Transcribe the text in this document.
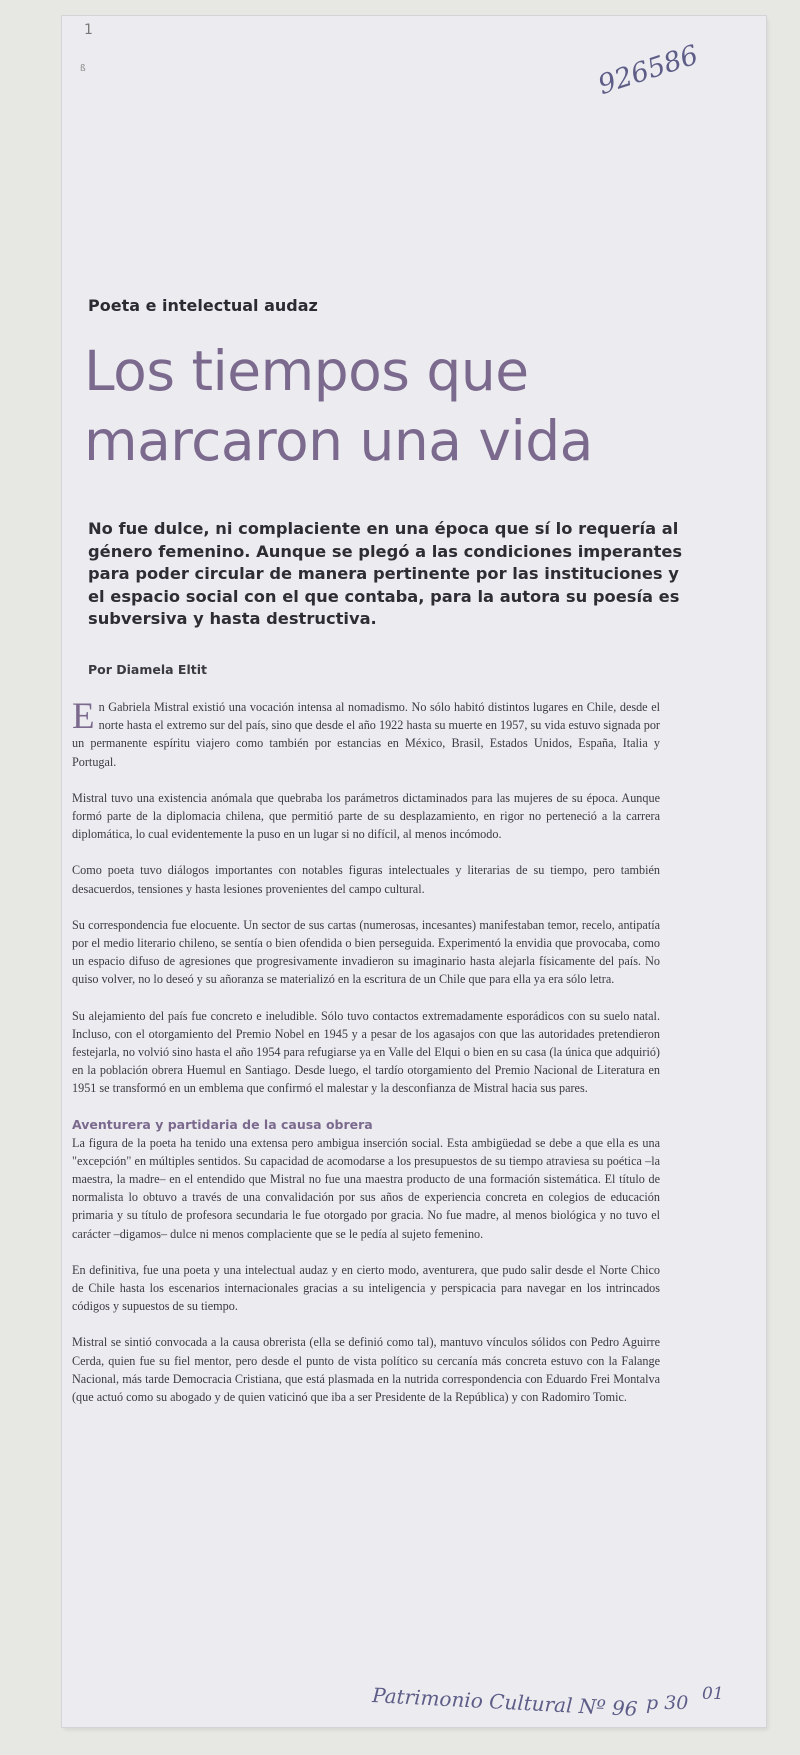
1
ß	926586
Poeta e intelectual audaz
Los tiempos que marcaron una vida

No fue dulce, ni complaciente en una época que sí lo requería al género femenino. Aunque se plegó a las condiciones imperantes para poder circular de manera pertinente por las instituciones y el espacio social con el que contaba, para la autora su poesía es subversiva y hasta destructiva.

Por Diamela Eltit

En Gabriela Mistral existió una vocación intensa al nomadismo. No sólo habitó distintos lugares en Chile, desde el norte hasta el extremo sur del país, sino que desde el año 1922 hasta su muerte en 1957, su vida estuvo signada por un permanente espíritu viajero como también por estancias en México, Brasil, Estados Unidos, España, Italia y Portugal.

Mistral tuvo una existencia anómala que quebraba los parámetros dictaminados para las mujeres de su época. Aunque formó parte de la diplomacia chilena, que permitió parte de su desplazamiento, en rigor no perteneció a la carrera diplomática, lo cual evidentemente la puso en un lugar si no difícil, al menos incómodo.

Como poeta tuvo diálogos importantes con notables figuras intelectuales y literarias de su tiempo, pero también desacuerdos, tensiones y hasta lesiones provenientes del campo cultural.

Su correspondencia fue elocuente. Un sector de sus cartas (numerosas, incesantes) manifestaban temor, recelo, antipatía por el medio literario chileno, se sentía o bien ofendida o bien perseguida. Experimentó la envidia que provocaba, como un espacio difuso de agresiones que progresivamente invadieron su imaginario hasta alejarla físicamente del país. No quiso volver, no lo deseó y su añoranza se materializó en la escritura de un Chile que para ella ya era sólo letra.

Su alejamiento del país fue concreto e ineludible. Sólo tuvo contactos extremadamente esporádicos con su suelo natal. Incluso, con el otorgamiento del Premio Nobel en 1945 y a pesar de los agasajos con que las autoridades pretendieron festejarla, no volvió sino hasta el año 1954 para refugiarse ya en Valle del Elqui o bien en su casa (la única que adquirió) en la población obrera Huemul en Santiago. Desde luego, el tardío otorgamiento del Premio Nacional de Literatura en 1951 se transformó en un emblema que confirmó el malestar y la desconfianza de Mistral hacia sus pares.

Aventurera y partidaria de la causa obrera

La figura de la poeta ha tenido una extensa pero ambigua inserción social. Esta ambigüedad se debe a que ella es una "excepción" en múltiples sentidos. Su capacidad de acomodarse a los presupuestos de su tiempo atraviesa su poética –la maestra, la madre– en el entendido que Mistral no fue una maestra producto de una formación sistemática. El título de normalista lo obtuvo a través de una convalidación por sus años de experiencia concreta en colegios de educación primaria y su título de profesora secundaria le fue otorgado por gracia. No fue madre, al menos biológica y no tuvo el carácter –digamos– dulce ni menos complaciente que se le pedía al sujeto femenino.

En definitiva, fue una poeta y una intelectual audaz y en cierto modo, aventurera, que pudo salir desde el Norte Chico de Chile hasta los escenarios internacionales gracias a su inteligencia y perspicacia para navegar en los intrincados códigos y supuestos de su tiempo.

Mistral se sintió convocada a la causa obrerista (ella se definió como tal), mantuvo vínculos sólidos con Pedro Aguirre Cerda, quien fue su fiel mentor, pero desde el punto de vista político su cercanía más concreta estuvo con la Falange Nacional, más tarde Democracia Cristiana, que está plasmada en la nutrida correspondencia con Eduardo Frei Montalva (que actuó como su abogado y de quien vaticinó que iba a ser Presidente de la República) y con Radomiro Tomic.

Patrimonio Cultural Nº 96 p 30 01
